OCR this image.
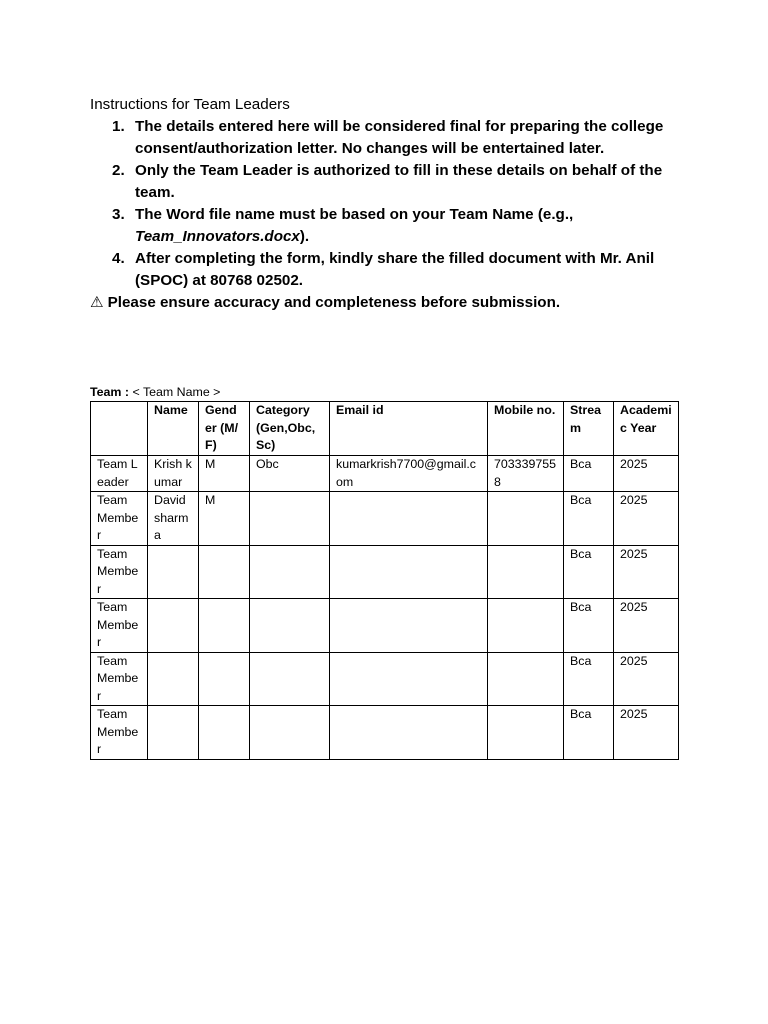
Instructions for Team Leaders

1. The details entered here will be considered final for preparing the college consent/authorization letter. No changes will be entertained later.
2. Only the Team Leader is authorized to fill in these details on behalf of the team.
3. The Word file name must be based on your Team Name (e.g., Team_Innovators.docx).
4. After completing the form, kindly share the filled document with Mr. Anil (SPOC) at 80768 02502.

⚠ Please ensure accuracy and completeness before submission.

Team : < Team Name >
	Name	Gender (M/F)	Category (Gen,Obc,Sc)	Email id	Mobile no.	Stream	Academic Year
Team Leader	Krish kumar	M	Obc	kumarkrish7700@gmail.com	7033397558	Bca	2025
Team Member	David sharma	M				Bca	2025
Team Member						Bca	2025
Team Member						Bca	2025
Team Member						Bca	2025
Team Member						Bca	2025
